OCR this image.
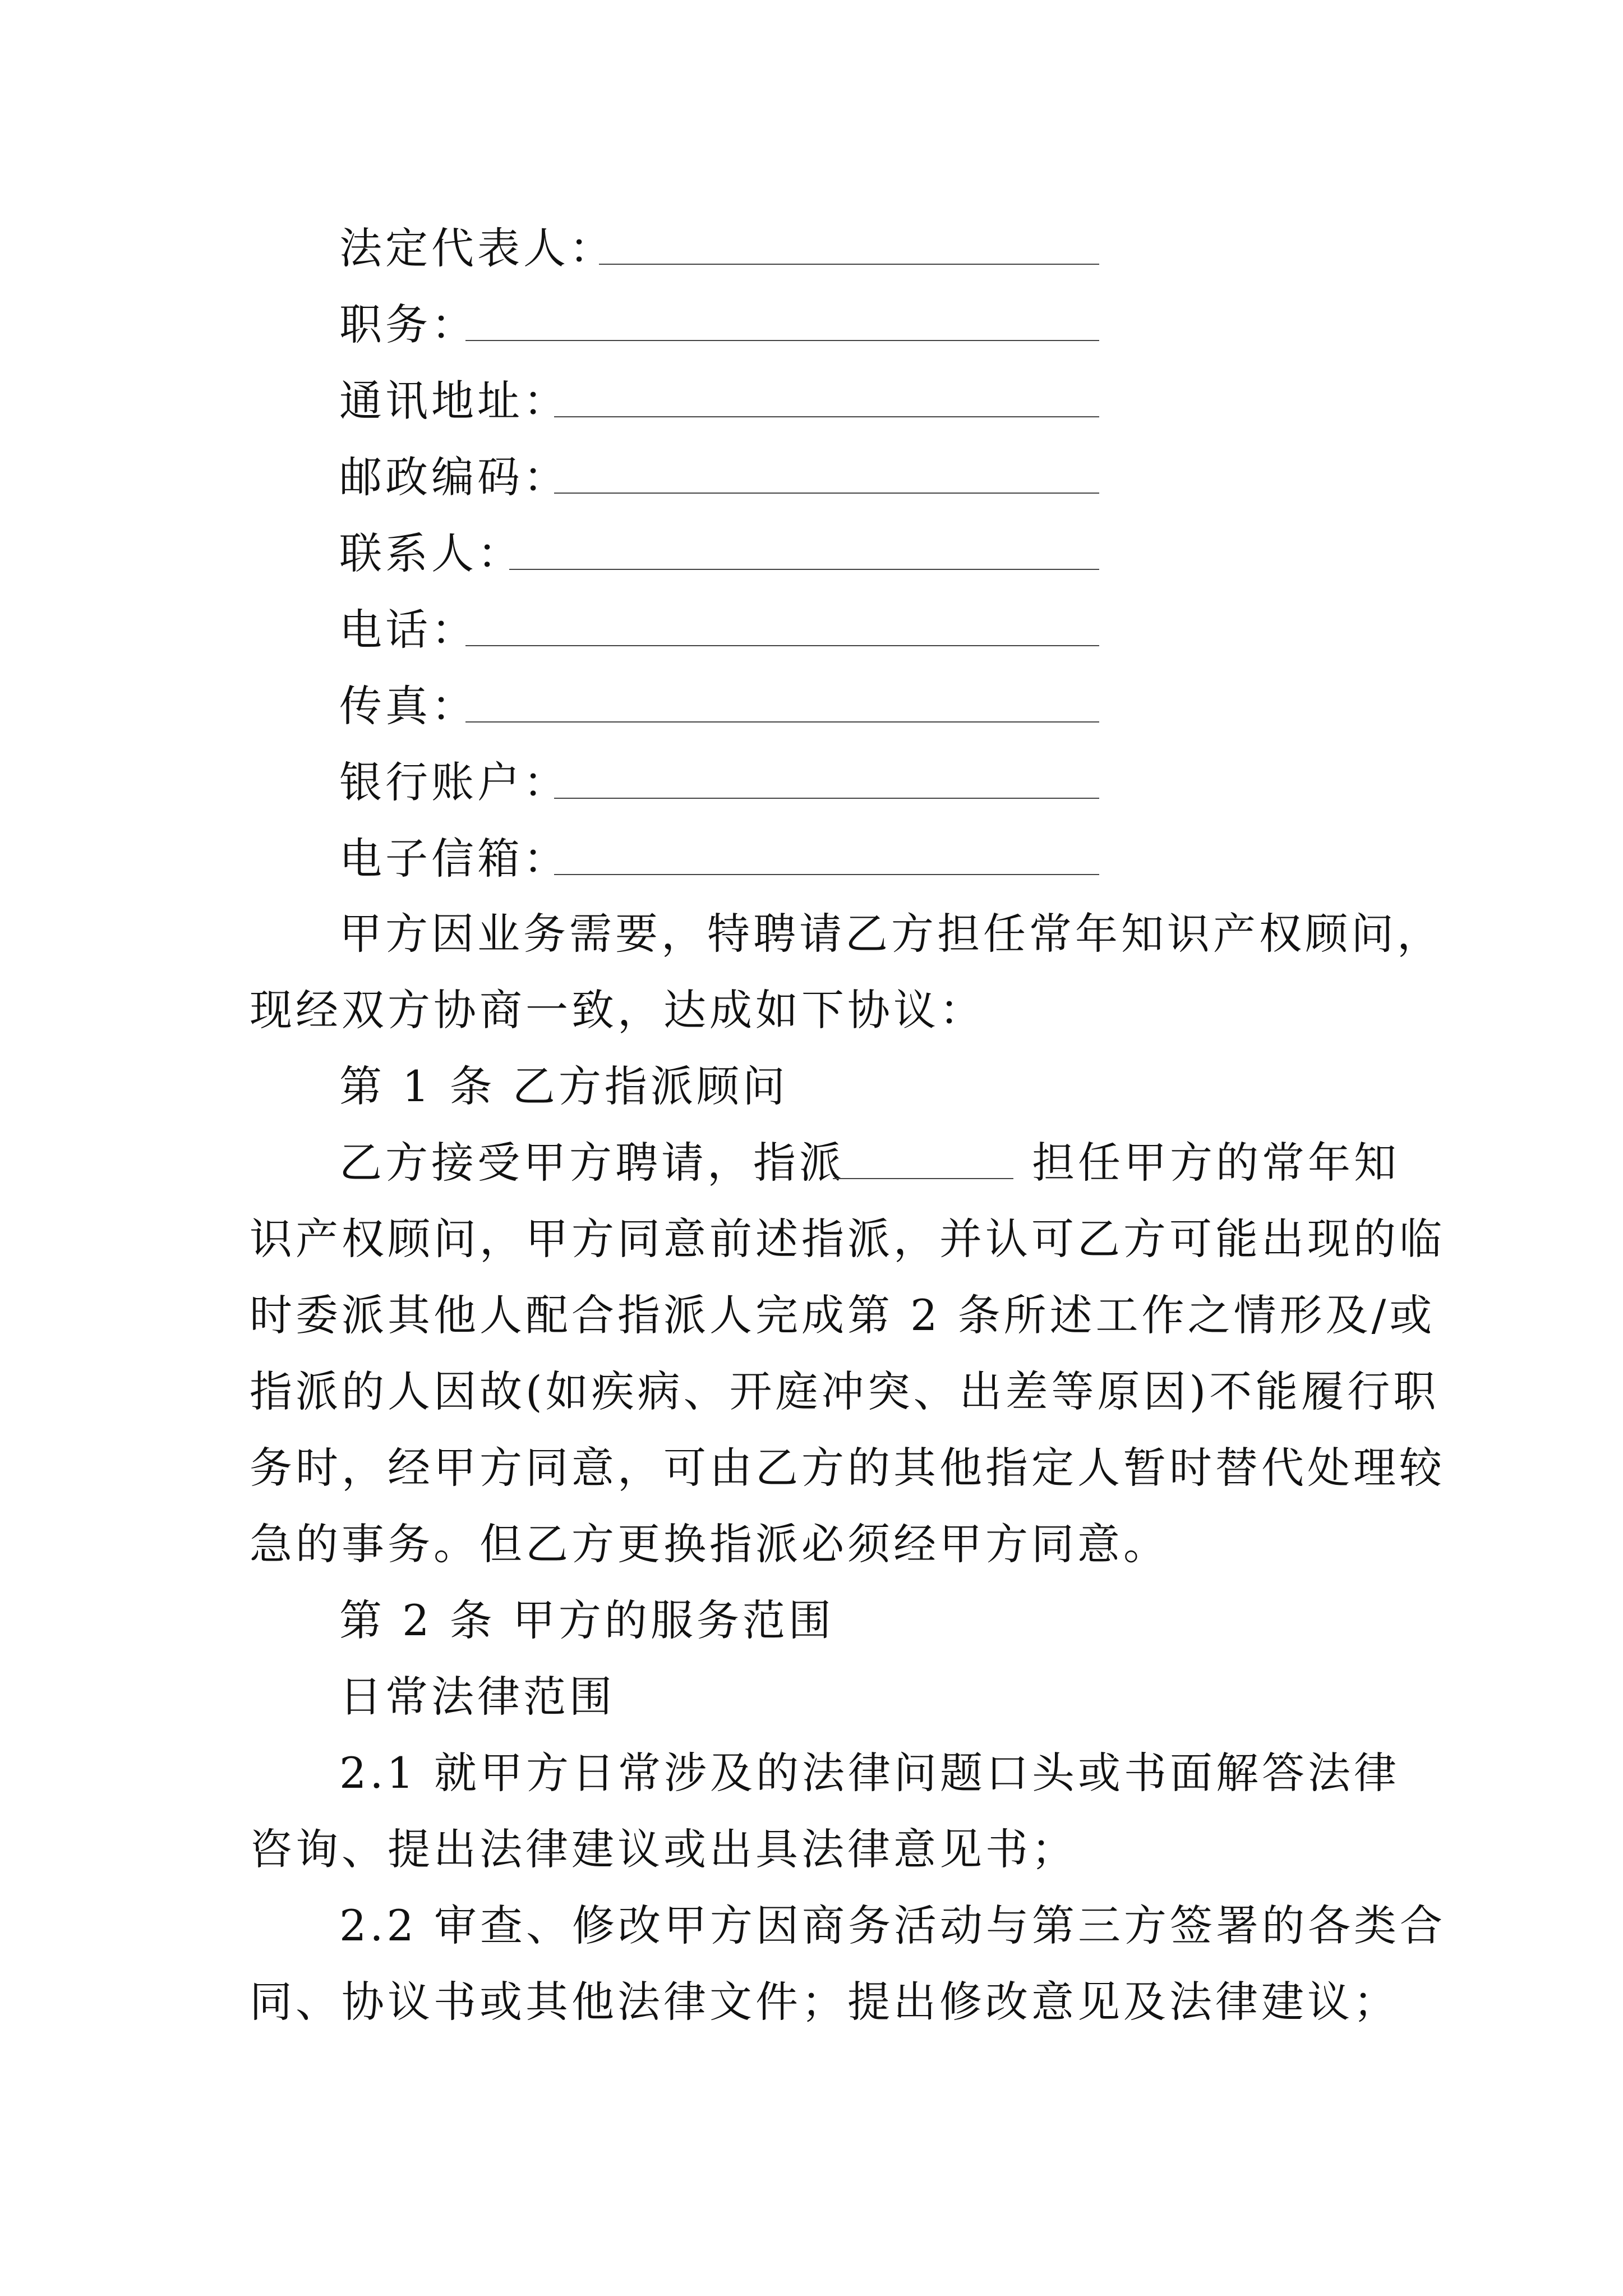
法定代表人：
职务：
通讯地址：
邮政编码：
联系人：
电话：
传真：
银行账户：
电子信箱：
甲方因业务需要，特聘请乙方担任常年知识产权顾问，
现经双方协商一致，达成如下协议：
第 1 条 乙方指派顾问
乙方接受甲方聘请，指派	担任甲方的常年知
识产权顾问，甲方同意前述指派，并认可乙方可能出现的临
时委派其他人配合指派人完成第 2 条所述工作之情形及/或
指派的人因故(如疾病、开庭冲突、出差等原因)不能履行职
务时，经甲方同意，可由乙方的其他指定人暂时替代处理较
急的事务。但乙方更换指派必须经甲方同意。
第 2 条 甲方的服务范围
日常法律范围
2.1 就甲方日常涉及的法律问题口头或书面解答法律
咨询、提出法律建议或出具法律意见书；
2.2 审查、修改甲方因商务活动与第三方签署的各类合
同、协议书或其他法律文件；提出修改意见及法律建议；
